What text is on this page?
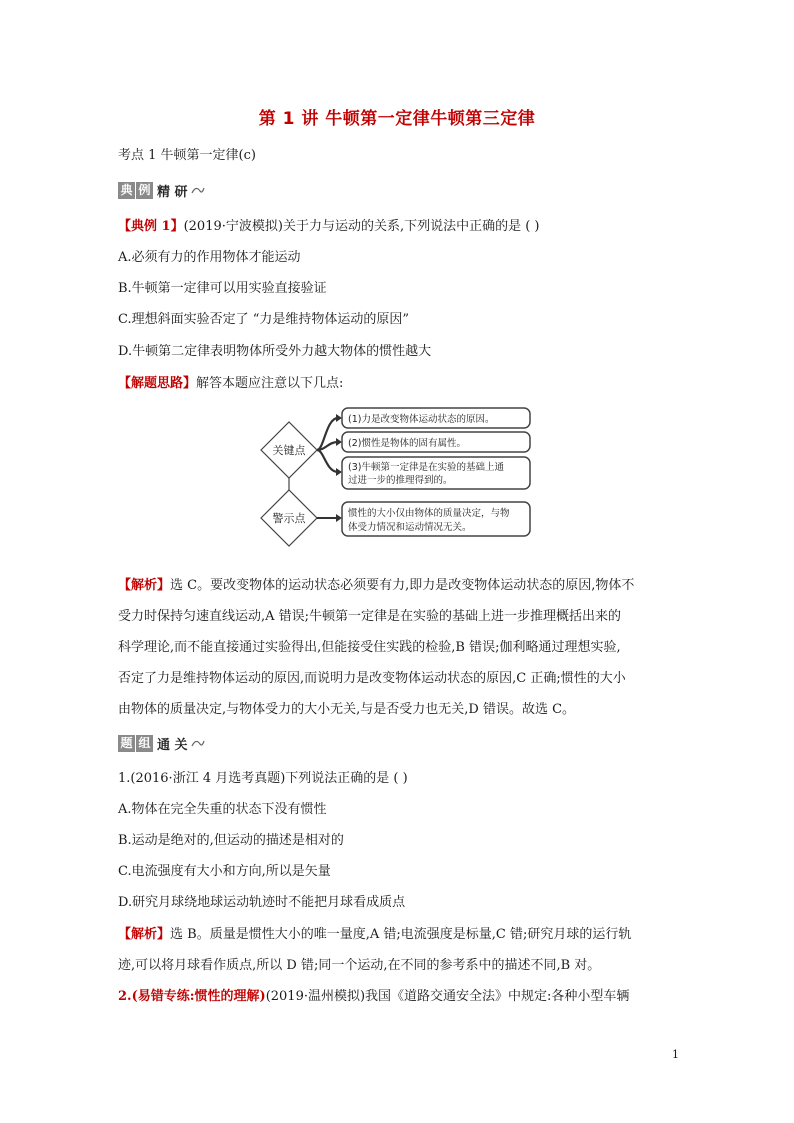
第 1 讲 牛顿第一定律牛顿第三定律
考点 1 牛顿第一定律(c)
典 例 精 研
【典例 1】(2019·宁波模拟)关于力与运动的关系,下列说法中正确的是 ( )
A.必须有力的作用物体才能运动
B.牛顿第一定律可以用实验直接验证
C.理想斜面实验否定了 “力是维持物体运动的原因”
D.牛顿第二定律表明物体所受外力越大物体的惯性越大
【解题思路】解答本题应注意以下几点:
关键点
(1)力是改变物体运动状态的原因。
(2)惯性是物体的固有属性。
(3)牛顿第一定律是在实验的基础上通
过进一步的推理得到的。
警示点	惯性的大小仅由物体的质量决定，与物
体受力情况和运动情况无关。

【解析】选 C。要改变物体的运动状态必须要有力,即力是改变物体运动状态的原因,物体不

受力时保持匀速直线运动,A 错误;牛顿第一定律是在实验的基础上进一步推理概括出来的

科学理论,而不能直接通过实验得出,但能接受住实践的检验,B 错误;伽利略通过理想实验,

否定了力是维持物体运动的原因,而说明力是改变物体运动状态的原因,C 正确;惯性的大小

由物体的质量决定,与物体受力的大小无关,与是否受力也无关,D 错误。故选 C。

题 组 通 关
1.(2016·浙江 4 月选考真题)下列说法正确的是 ( )
A.物体在完全失重的状态下没有惯性
B.运动是绝对的,但运动的描述是相对的
C.电流强度有大小和方向,所以是矢量
D.研究月球绕地球运动轨迹时不能把月球看成质点

【解析】选 B。质量是惯性大小的唯一量度,A 错;电流强度是标量,C 错;研究月球的运行轨

迹,可以将月球看作质点,所以 D 错;同一个运动,在不同的参考系中的描述不同,B 对。

2.(易错专练:惯性的理解)(2019·温州模拟)我国《道路交通安全法》中规定:各种小型车辆
1
